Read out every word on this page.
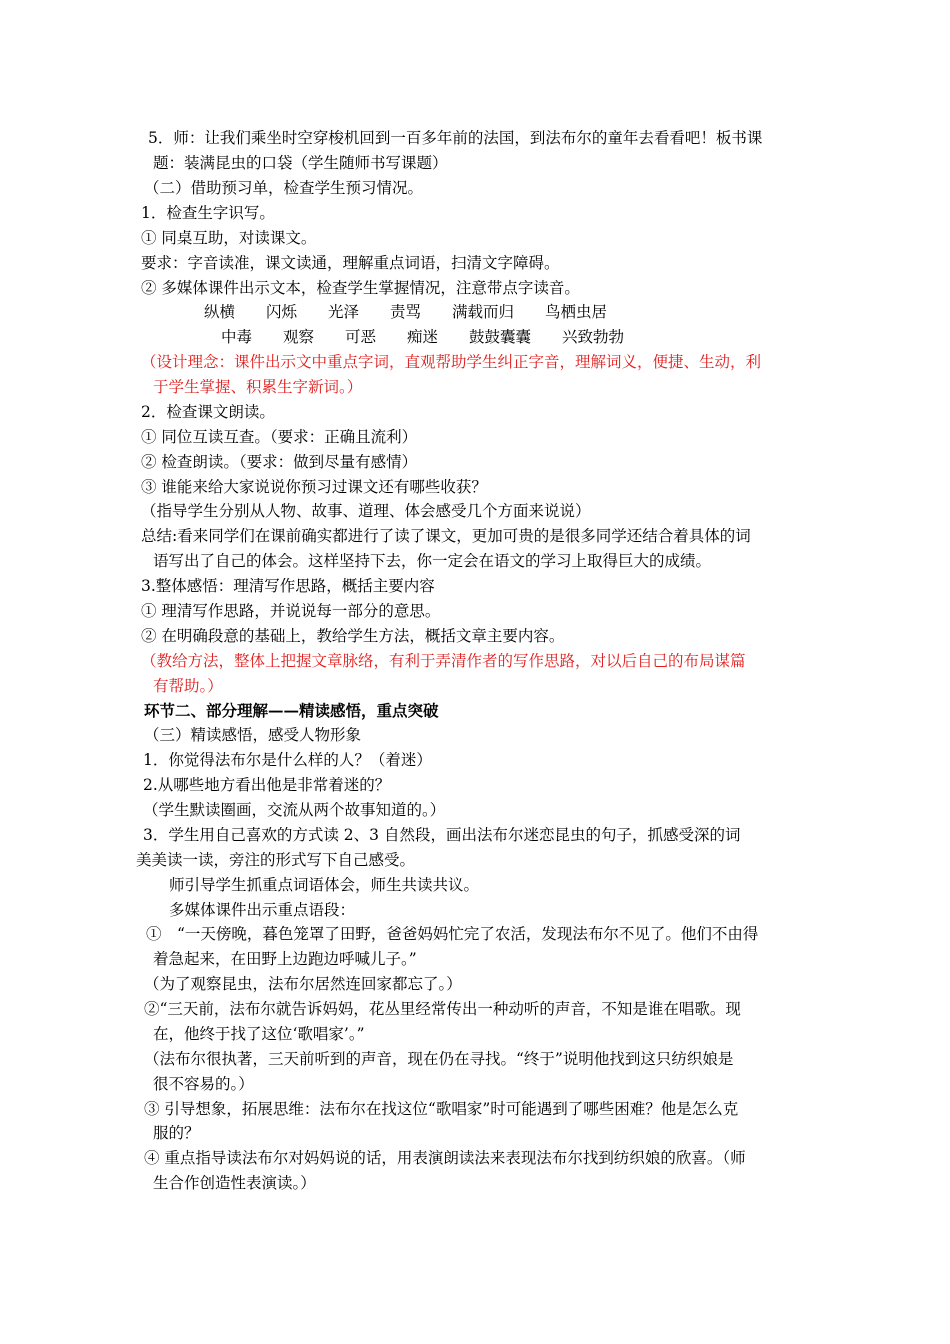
5．师：让我们乘坐时空穿梭机回到一百多年前的法国，到法布尔的童年去看看吧！板书课
题：装满昆虫的口袋（学生随师书写课题）
（二）借助预习单，检查学生预习情况。
1．检查生字识写。
① 同桌互助，对读课文。
要求：字音读准，课文读通，理解重点词语，扫清文字障碍。
② 多媒体课件出示文本，检查学生掌握情况，注意带点字读音。
纵横　　闪烁　　光泽　　责骂　　满载而归　　鸟栖虫居
中毒　　观察　　可恶　　痴迷　　鼓鼓囊囊　　兴致勃勃
（设计理念：课件出示文中重点字词，直观帮助学生纠正字音，理解词义，便捷、生动，利
于学生掌握、积累生字新词。）
2．检查课文朗读。
① 同位互读互查。（要求：正确且流利）
② 检查朗读。（要求：做到尽量有感情）
③ 谁能来给大家说说你预习过课文还有哪些收获？
（指导学生分别从人物、故事、道理、体会感受几个方面来说说）
总结:看来同学们在课前确实都进行了读了课文，更加可贵的是很多同学还结合着具体的词
语写出了自己的体会。这样坚持下去，你一定会在语文的学习上取得巨大的成绩。
3.整体感悟：理清写作思路，概括主要内容
① 理清写作思路，并说说每一部分的意思。
② 在明确段意的基础上，教给学生方法，概括文章主要内容。
（教给方法，整体上把握文章脉络，有利于弄清作者的写作思路，对以后自己的布局谋篇
有帮助。）
环节二、部分理解——精读感悟，重点突破
（三）精读感悟，感受人物形象
1．你觉得法布尔是什么样的人？（着迷）
2.从哪些地方看出他是非常着迷的？
（学生默读圈画，交流从两个故事知道的。）
3．学生用自己喜欢的方式读 2、3 自然段，画出法布尔迷恋昆虫的句子，抓感受深的词
美美读一读，旁注的形式写下自己感受。
师引导学生抓重点词语体会，师生共读共议。
多媒体课件出示重点语段：
①　“一天傍晚，暮色笼罩了田野，爸爸妈妈忙完了农活，发现法布尔不见了。他们不由得
着急起来，在田野上边跑边呼喊儿子。”
（为了观察昆虫，法布尔居然连回家都忘了。）
②“三天前，法布尔就告诉妈妈，花丛里经常传出一种动听的声音，不知是谁在唱歌。现
在，他终于找了这位‘歌唱家’。”
（法布尔很执著，三天前听到的声音，现在仍在寻找。“终于”说明他找到这只纺织娘是
很不容易的。）
③ 引导想象，拓展思维：法布尔在找这位“歌唱家”时可能遇到了哪些困难？他是怎么克
服的？
④ 重点指导读法布尔对妈妈说的话，用表演朗读法来表现法布尔找到纺织娘的欣喜。（师
生合作创造性表演读。）
